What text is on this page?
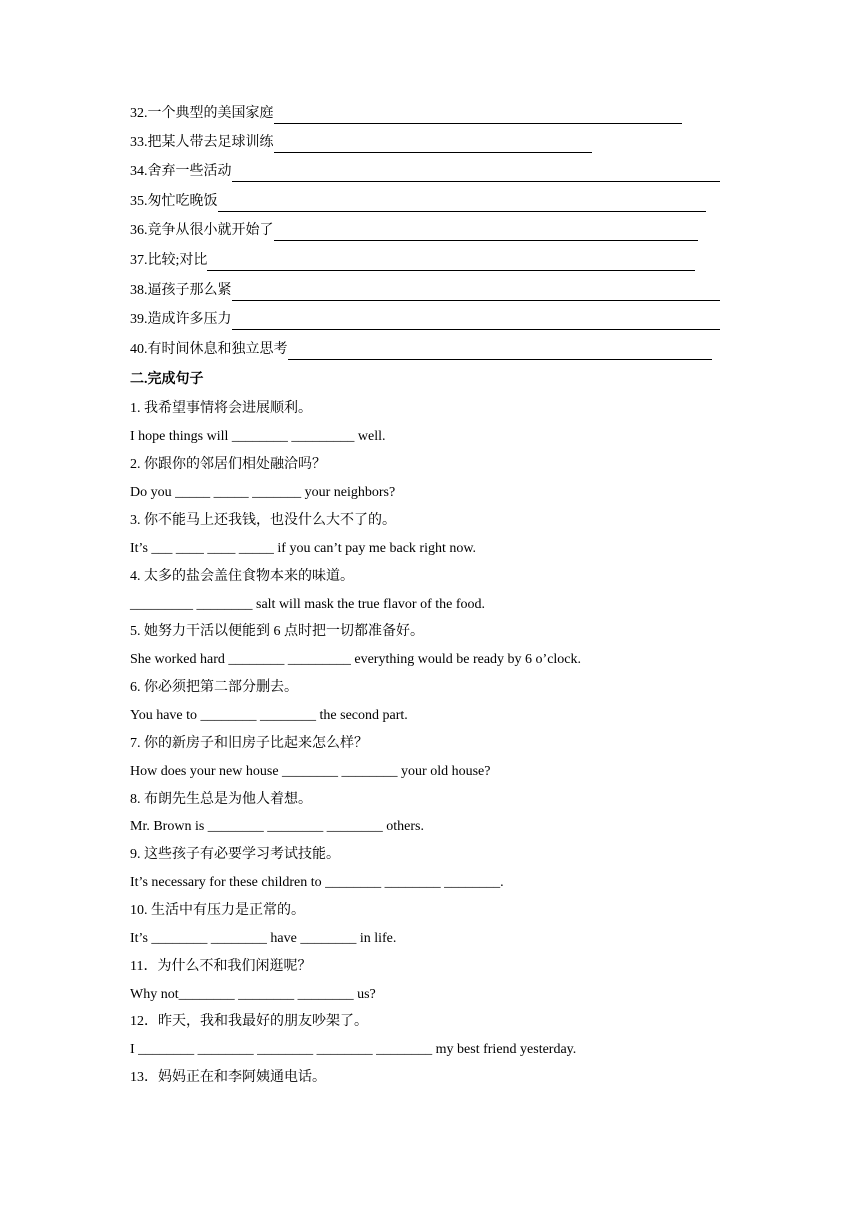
32.一个典型的美国家庭
33.把某人带去足球训练
34.舍弃一些活动
35.匆忙吃晚饭
36.竞争从很小就开始了
37.比较;对比
38.逼孩子那么紧
39.造成许多压力
40.有时间休息和独立思考
二.完成句子
1. 我希望事情将会进展顺利。
I hope things will ________ _________ well.
2. 你跟你的邻居们相处融洽吗？
Do you _____ _____ _______ your neighbors?
3. 你不能马上还我钱，也没什么大不了的。
It’s ___ ____ ____ _____ if you can’t pay me back right now.
4. 太多的盐会盖住食物本来的味道。
_________ ________ salt will mask the true flavor of the food.
5. 她努力干活以便能到 6 点时把一切都准备好。
She worked hard ________ _________ everything would be ready by 6 o’clock.
6. 你必须把第二部分删去。
You have to ________ ________ the second part.
7. 你的新房子和旧房子比起来怎么样？
How does your new house ________ ________ your old house?
8. 布朗先生总是为他人着想。
Mr. Brown is ________ ________ ________ others.
9. 这些孩子有必要学习考试技能。
It’s necessary for these children to ________ ________ ________.
10. 生活中有压力是正常的。
It’s ________ ________ have ________ in life.
11．为什么不和我们闲逛呢？
Why not________ ________ ________ us?
12．昨天，我和我最好的朋友吵架了。
I ________ ________ ________ ________ ________ my best friend yesterday.
13．妈妈正在和李阿姨通电话。
